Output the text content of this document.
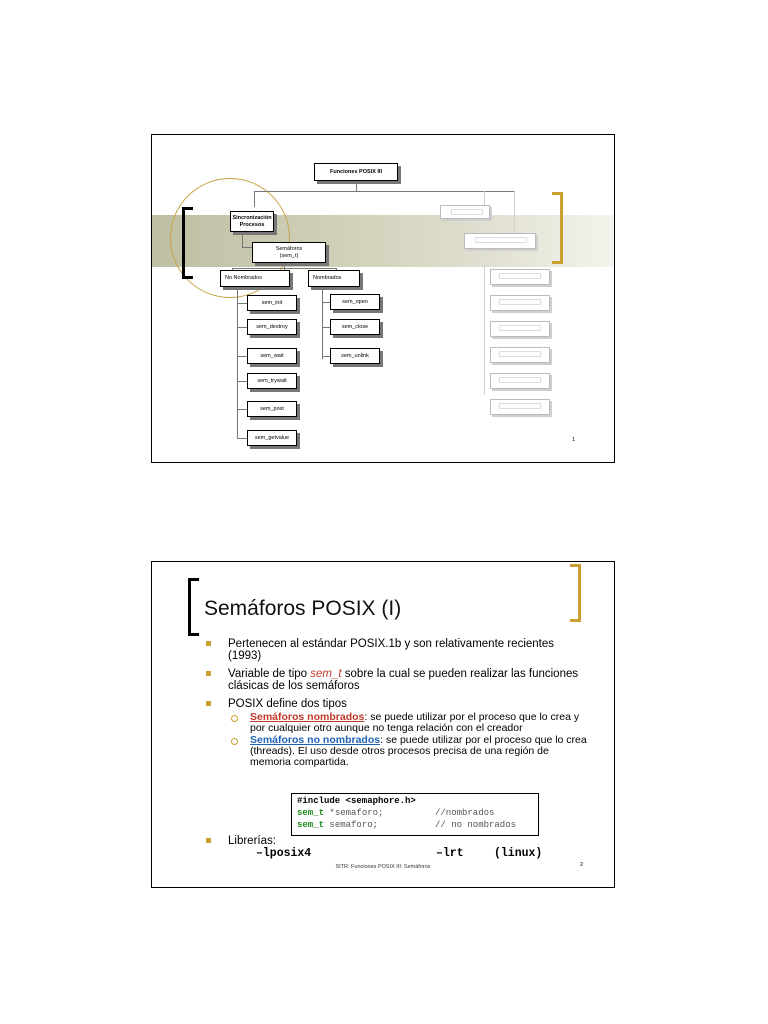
Funciones POSIX III
Sincronización
Procesos
Semáforos
(sem_t)
No Nombrados	Nombrados
sem_init
sem_destroy
sem_wait
sem_trywait
sem_post
sem_getvalue
sem_open
sem_close
sem_unlink
1
Semáforos POSIX (I)
Pertenecen al estándar POSIX.1b y son relativamente recientes (1993)
Variable de tipo sem_t sobre la cual se pueden realizar las funciones clásicas de los semáforos
POSIX define dos tipos
Semáforos nombrados: se puede utilizar por el proceso que lo crea y por cualquier otro aunque no tenga relación con el creador
Semáforos no nombrados: se puede utilizar por el proceso que lo crea (threads). El uso desde otros procesos precisa de una región de memoria compartida.
#include <semaphore.h>
sem_t *semaforo;	//nombrados
sem_t semaforo;	// no nombrados
Librerías:
–lposix4	–lrt	(linux)
SITR: Funciones POSIX III: Semáforos	2
